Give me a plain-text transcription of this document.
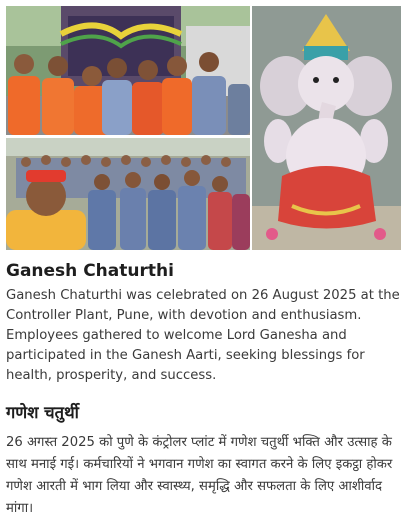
Ganesh Chaturthi

Ganesh Chaturthi was celebrated on 26 August 2025 at the Controller Plant, Pune, with devotion and enthusiasm. Employees gathered to welcome Lord Ganesha and participated in the Ganesh Aarti, seeking blessings for health, prosperity, and success.

गणेश चतुर्थी

26 अगस्त 2025 को पुणे के कंट्रोलर प्लांट में गणेश चतुर्थी भक्ति और उत्साह के साथ मनाई गई। कर्मचारियों ने भगवान गणेश का स्वागत करने के लिए इकट्ठा होकर गणेश आरती में भाग लिया और स्वास्थ्य, समृद्धि और सफलता के लिए आशीर्वाद मांगा।
